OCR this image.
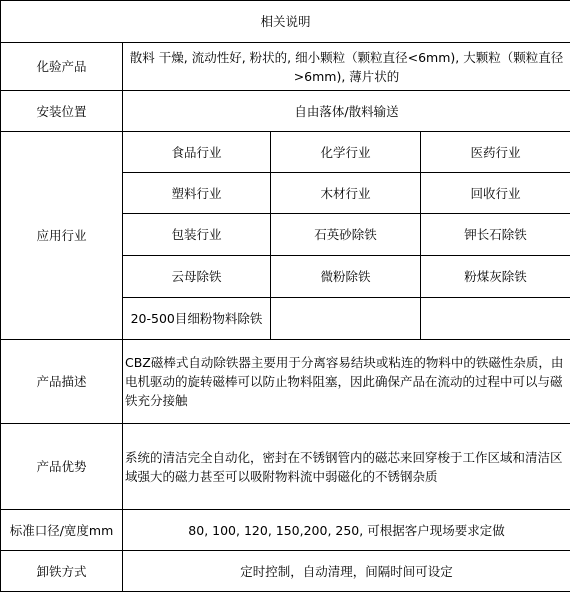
相关说明			
化验产品	散料 干燥, 流动性好, 粉状的, 细小颗粒（颗粒直径<6mm), 大颗粒（颗粒直径>6mm), 薄片状的		
安装位置	自由落体/散料输送		
应用行业	食品行业	化学行业	医药行业
	塑料行业	木材行业	回收行业
	包装行业	石英砂除铁	钾长石除铁
	云母除铁	微粉除铁	粉煤灰除铁
	20-500目细粉物料除铁		
产品描述	CBZ磁棒式自动除铁器主要用于分离容易结块或粘连的物料中的铁磁性杂质，由电机驱动的旋转磁棒可以防止物料阻塞，因此确保产品在流动的过程中可以与磁铁充分接触		
产品优势	系统的清洁完全自动化，密封在不锈钢管内的磁芯来回穿梭于工作区域和清洁区域强大的磁力甚至可以吸附物料流中弱磁化的不锈钢杂质		
标准口径/宽度mm	80, 100, 120, 150,200, 250, 可根据客户现场要求定做		
卸铁方式	定时控制，自动清理，间隔时间可设定		
